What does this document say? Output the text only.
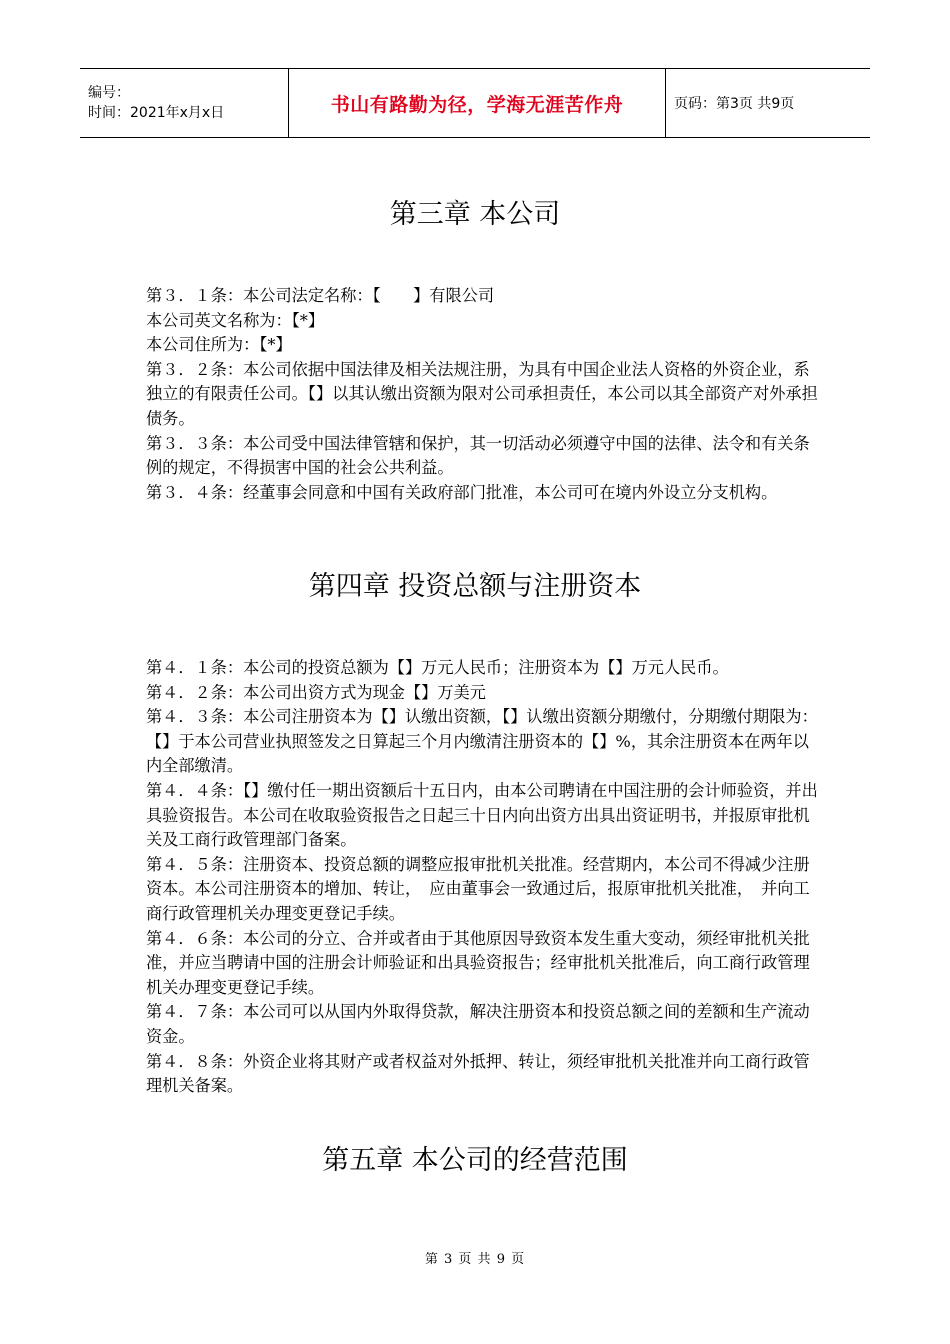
编号：
时间：2021年x月x日	书山有路勤为径，学海无涯苦作舟	页码：第3页 共9页
第三章 本公司

第３．１条：本公司法定名称：【　　】有限公司

本公司英文名称为：【*】

本公司住所为：【*】

第３．２条：本公司依据中国法律及相关法规注册，为具有中国企业法人资格的外资企业，系独立的有限责任公司。【】以其认缴出资额为限对公司承担责任，本公司以其全部资产对外承担债务。

第３．３条：本公司受中国法律管辖和保护，其一切活动必须遵守中国的法律、法令和有关条例的规定，不得损害中国的社会公共利益。

第３．４条：经董事会同意和中国有关政府部门批准，本公司可在境内外设立分支机构。

第四章 投资总额与注册资本

第４．１条：本公司的投资总额为【】万元人民币；注册资本为【】万元人民币。

第４．２条：本公司出资方式为现金【】万美元

第４．３条：本公司注册资本为【】认缴出资额，【】认缴出资额分期缴付，分期缴付期限为：【】于本公司营业执照签发之日算起三个月内缴清注册资本的【】%，其余注册资本在两年以内全部缴清。

第４．４条：【】缴付任一期出资额后十五日内，由本公司聘请在中国注册的会计师验资，并出具验资报告。本公司在收取验资报告之日起三十日内向出资方出具出资证明书，并报原审批机关及工商行政管理部门备案。

第４．５条：注册资本、投资总额的调整应报审批机关批准。经营期内，本公司不得减少注册资本。本公司注册资本的增加、转让，　应由董事会一致通过后，报原审批机关批准，　并向工商行政管理机关办理变更登记手续。

第４．６条：本公司的分立、合并或者由于其他原因导致资本发生重大变动，须经审批机关批准，并应当聘请中国的注册会计师验证和出具验资报告；经审批机关批准后，向工商行政管理机关办理变更登记手续。

第４．７条：本公司可以从国内外取得贷款，解决注册资本和投资总额之间的差额和生产流动资金。

第４．８条：外资企业将其财产或者权益对外抵押、转让，须经审批机关批准并向工商行政管理机关备案。

第五章 本公司的经营范围
第 3 页 共 9 页
